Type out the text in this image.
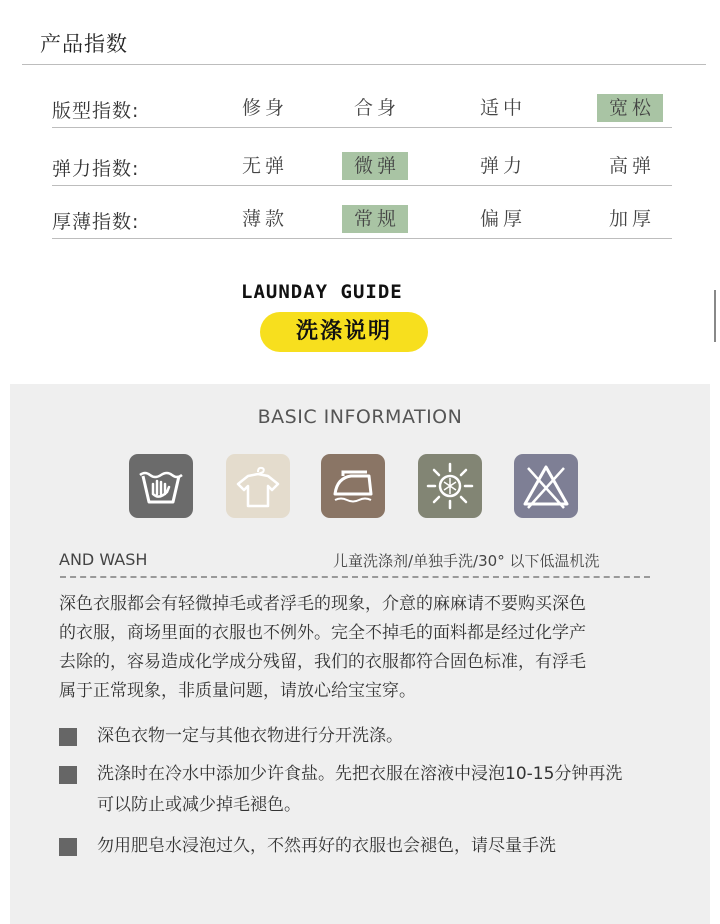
产品指数
版型指数:	修身	合身	适中	宽松
弹力指数:	无弹	微弹	弹力	高弹
厚薄指数:	薄款	常规	偏厚	加厚
LAUNDAY GUIDE
洗涤说明
BASIC INFORMATION
AND WASH	儿童洗涤剂/单独手洗/30° 以下低温机洗
深色衣服都会有轻微掉毛或者浮毛的现象，介意的麻麻请不要购买深色
的衣服，商场里面的衣服也不例外。完全不掉毛的面料都是经过化学产
去除的，容易造成化学成分残留，我们的衣服都符合固色标准，有浮毛
属于正常现象，非质量问题，请放心给宝宝穿。
深色衣物一定与其他衣物进行分开洗涤。
洗涤时在冷水中添加少许食盐。先把衣服在溶液中浸泡10-15分钟再洗
可以防止或减少掉毛褪色。
勿用肥皂水浸泡过久，不然再好的衣服也会褪色，请尽量手洗
